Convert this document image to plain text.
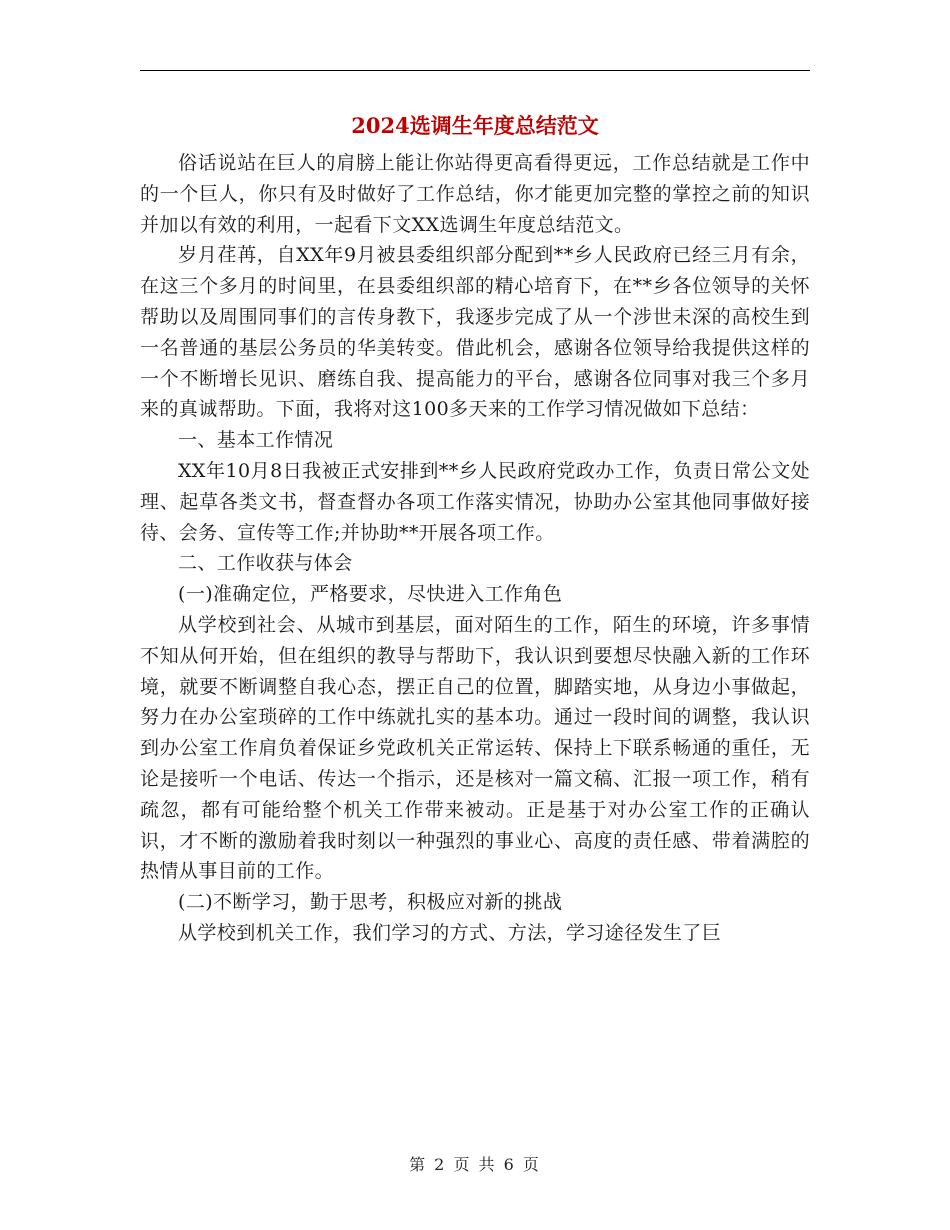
2024选调生年度总结范文

俗话说站在巨人的肩膀上能让你站得更高看得更远，工作总结就是工作中的一个巨人，你只有及时做好了工作总结，你才能更加完整的掌控之前的知识并加以有效的利用，一起看下文XX选调生年度总结范文。

岁月荏苒，自XX年9月被县委组织部分配到**乡人民政府已经三月有余，在这三个多月的时间里，在县委组织部的精心培育下，在**乡各位领导的关怀帮助以及周围同事们的言传身教下，我逐步完成了从一个涉世未深的高校生到一名普通的基层公务员的华美转变。借此机会，感谢各位领导给我提供这样的一个不断增长见识、磨练自我、提高能力的平台，感谢各位同事对我三个多月来的真诚帮助。下面，我将对这100多天来的工作学习情况做如下总结：

一、基本工作情况

XX年10月8日我被正式安排到**乡人民政府党政办工作，负责日常公文处理、起草各类文书，督查督办各项工作落实情况，协助办公室其他同事做好接待、会务、宣传等工作;并协助**开展各项工作。

二、工作收获与体会

(一)准确定位，严格要求，尽快进入工作角色

从学校到社会、从城市到基层，面对陌生的工作，陌生的环境，许多事情不知从何开始，但在组织的教导与帮助下，我认识到要想尽快融入新的工作环境，就要不断调整自我心态，摆正自己的位置，脚踏实地，从身边小事做起，努力在办公室琐碎的工作中练就扎实的基本功。通过一段时间的调整，我认识到办公室工作肩负着保证乡党政机关正常运转、保持上下联系畅通的重任，无论是接听一个电话、传达一个指示，还是核对一篇文稿、汇报一项工作，稍有疏忽，都有可能给整个机关工作带来被动。正是基于对办公室工作的正确认识，才不断的激励着我时刻以一种强烈的事业心、高度的责任感、带着满腔的热情从事目前的工作。

(二)不断学习，勤于思考，积极应对新的挑战

从学校到机关工作，我们学习的方式、方法，学习途径发生了巨

第 2 页 共 6 页
